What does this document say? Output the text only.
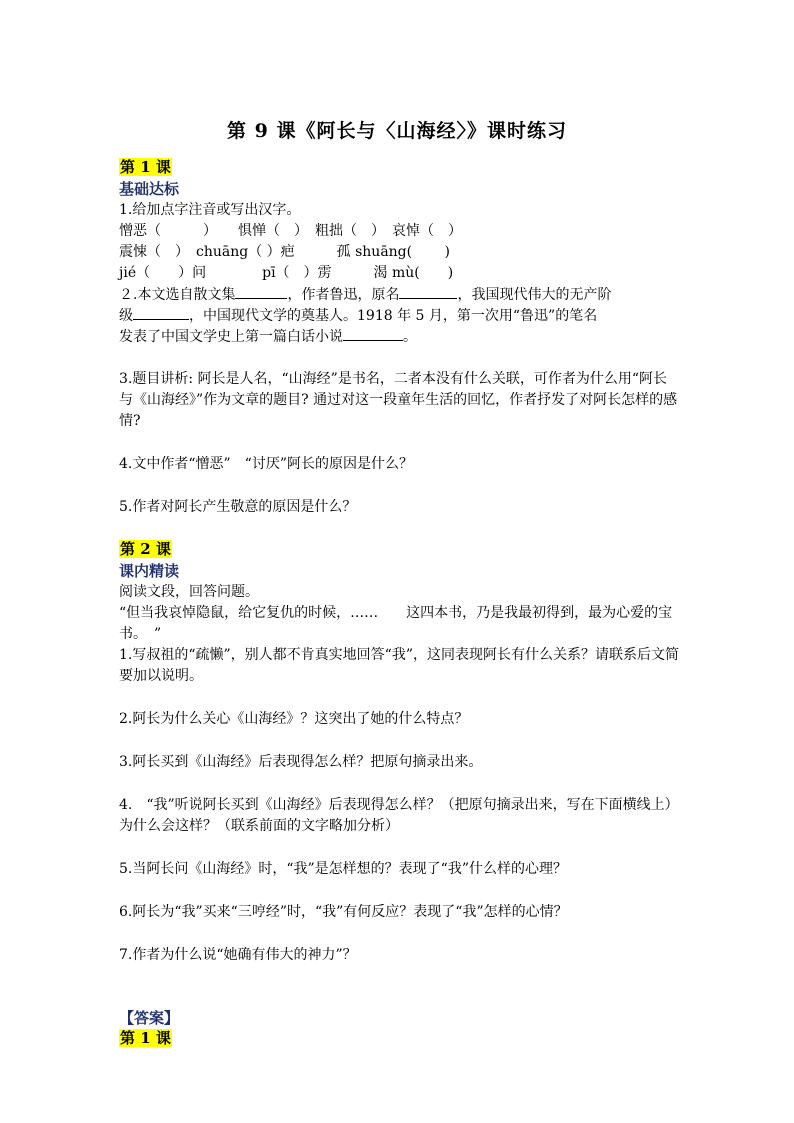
第 9 课《阿长与〈山海经〉》课时练习
第 1 课
基础达标
1.给加点字注音或写出汉字。
憎恶（　　　）　　惧惮（　）　粗拙（　）　哀悼（　）
震悚（　）　chuāng（ ）疤　　　孤 shuāng(　　 )
jié（　　）问　　　　pī（　）雳　　　渴 mù(　　)
２.本文选自散文集	，作者鲁迅，原名	，我国现代伟大的无产阶
级	，中国现代文学的奠基人。1918 年 5 月，第一次用“鲁迅”的笔名
发表了中国文学史上第一篇白话小说	。
3.题目讲析: 阿长是人名，“山海经”是书名，二者本没有什么关联，可作者为什么用“阿长与《山海经》”作为文章的题目? 通过对这一段童年生活的回忆，作者抒发了对阿长怎样的感情?
4.文中作者“憎恶”　“讨厌”阿长的原因是什么？
5.作者对阿长产生敬意的原因是什么？
第 2 课
课内精读
阅读文段，回答问题。
“但当我哀悼隐鼠，给它复仇的时候，……　　这四本书，乃是我最初得到，最为心爱的宝书。　”
1.写叔祖的“疏懒”，别人都不肯真实地回答“我”，这同表现阿长有什么关系？请联系后文简要加以说明。
2.阿长为什么关心《山海经》？这突出了她的什么特点？
3.阿长买到《山海经》后表现得怎么样？把原句摘录出来。
4.　“我”听说阿长买到《山海经》后表现得怎么样？（把原句摘录出来，写在下面横线上）为什么会这样？（联系前面的文字略加分析）
5.当阿长问《山海经》时，“我”是怎样想的？表现了“我”什么样的心理？
6.阿长为“我”买来“三哼经”时，“我”有何反应？表现了“我”怎样的心情？
7.作者为什么说“她确有伟大的神力”？
【答案】
第 1 课
